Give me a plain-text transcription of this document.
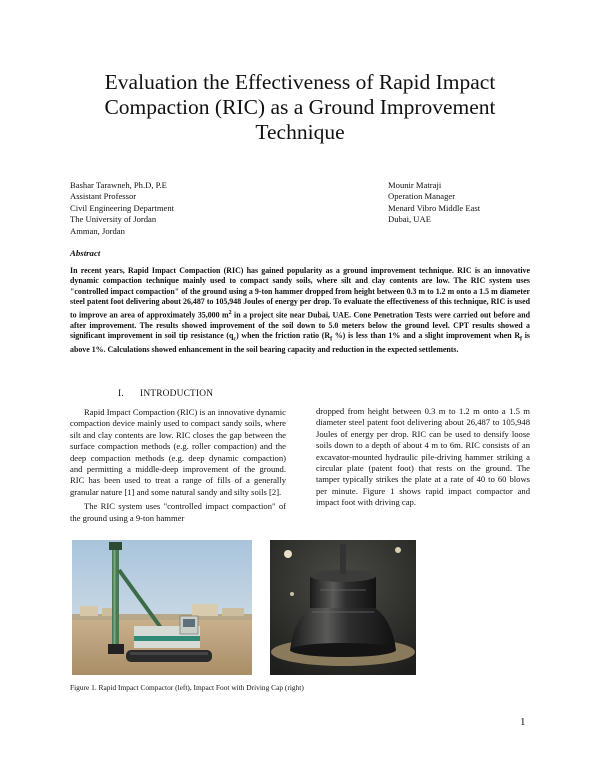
Evaluation the Effectiveness of Rapid Impact Compaction (RIC) as a Ground Improvement Technique
Bashar Tarawneh, Ph.D, P.E
Assistant Professor
Civil Engineering Department
The University of Jordan
Amman, Jordan
Mounir Matraji
Operation Manager
Menard Vibro Middle East
Dubai, UAE
Abstract
In recent years, Rapid Impact Compaction (RIC) has gained popularity as a ground improvement technique. RIC is an innovative dynamic compaction technique mainly used to compact sandy soils, where silt and clay contents are low. The RIC system uses "controlled impact compaction" of the ground using a 9-ton hammer dropped from height between 0.3 m to 1.2 m onto a 1.5 m diameter steel patent foot delivering about 26,487 to 105,948 Joules of energy per drop. To evaluate the effectiveness of this technique, RIC is used to improve an area of approximately 35,000 $m^2$ in a project site near Dubai, UAE. Cone Penetration Tests were carried out before and after improvement. The results showed improvement of the soil down to 5.0 meters below the ground level. CPT results showed a significant improvement in soil tip resistance $(q_c)$ when the friction ratio ($R_f$ %) is less than 1% and a slight improvement when $R_f$ is above 1%. Calculations showed enhancement in the soil bearing capacity and reduction in the expected settlements.
I. INTRODUCTION

Rapid Impact Compaction (RIC) is an innovative dynamic compaction device mainly used to compact sandy soils, where silt and clay contents are low. RIC closes the gap between the surface compaction methods (e.g. roller compaction) and the deep compaction methods (e.g. deep dynamic compaction) and permitting a middle-deep improvement of the ground. RIC has been used to treat a range of fills of a generally granular nature [1] and some natural sandy and silty soils [2].

The RIC system uses "controlled impact compaction" of the ground using a 9-ton hammer

dropped from height between 0.3 m to 1.2 m onto a 1.5 m diameter steel patent foot delivering about 26,487 to 105,948 Joules of energy per drop. RIC can be used to densify loose soils down to a depth of about 4 m to 6m. RIC consists of an excavator-mounted hydraulic pile-driving hammer striking a circular plate (patent foot) that rests on the ground. The tamper typically strikes the plate at a rate of 40 to 60 blows per minute. Figure 1 shows rapid impact compactor and impact foot with driving cap.

Figure 1. Rapid Impact Compactor (left), Impact Foot with Driving Cap (right)
1
